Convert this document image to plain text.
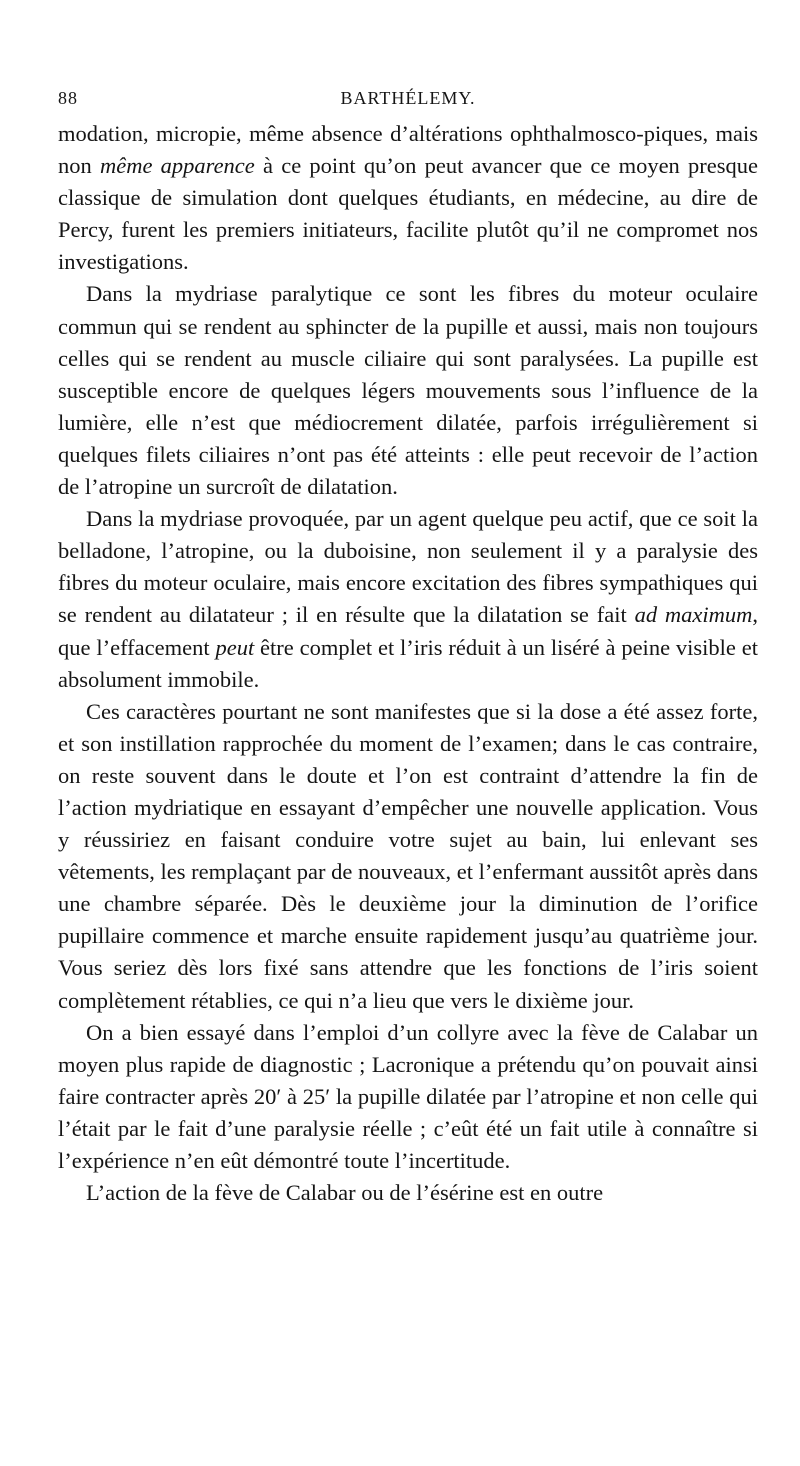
88	BARTHÉLEMY.

modation, micropie, même absence d’altérations ophthalmosco-piques, mais non même apparence à ce point qu’on peut avancer que ce moyen presque classique de simulation dont quelques étudiants, en médecine, au dire de Percy, furent les premiers initiateurs, facilite plutôt qu’il ne compromet nos investigations.

Dans la mydriase paralytique ce sont les fibres du moteur oculaire commun qui se rendent au sphincter de la pupille et aussi, mais non toujours celles qui se rendent au muscle ciliaire qui sont paralysées. La pupille est susceptible encore de quelques légers mouvements sous l’influence de la lumière, elle n’est que médiocrement dilatée, parfois irrégulièrement si quelques filets ciliaires n’ont pas été atteints : elle peut recevoir de l’action de l’atropine un surcroît de dilatation.

Dans la mydriase provoquée, par un agent quelque peu actif, que ce soit la belladone, l’atropine, ou la duboisine, non seulement il y a paralysie des fibres du moteur oculaire, mais encore excitation des fibres sympathiques qui se rendent au dilatateur ; il en résulte que la dilatation se fait ad maximum, que l’effacement peut être complet et l’iris réduit à un liséré à peine visible et absolument immobile.

Ces caractères pourtant ne sont manifestes que si la dose a été assez forte, et son instillation rapprochée du moment de l’examen; dans le cas contraire, on reste souvent dans le doute et l’on est contraint d’attendre la fin de l’action mydriatique en essayant d’empêcher une nouvelle application. Vous y réussiriez en faisant conduire votre sujet au bain, lui enlevant ses vêtements, les remplaçant par de nouveaux, et l’enfermant aussitôt après dans une chambre séparée. Dès le deuxième jour la diminution de l’orifice pupillaire commence et marche ensuite rapidement jusqu’au quatrième jour. Vous seriez dès lors fixé sans attendre que les fonctions de l’iris soient complètement rétablies, ce qui n’a lieu que vers le dixième jour.

On a bien essayé dans l’emploi d’un collyre avec la fève de Calabar un moyen plus rapide de diagnostic ; Lacronique a prétendu qu’on pouvait ainsi faire contracter après 20′ à 25′ la pupille dilatée par l’atropine et non celle qui l’était par le fait d’une paralysie réelle ; c’eût été un fait utile à connaître si l’expérience n’en eût démontré toute l’incertitude.

L’action de la fève de Calabar ou de l’ésérine est en outre
